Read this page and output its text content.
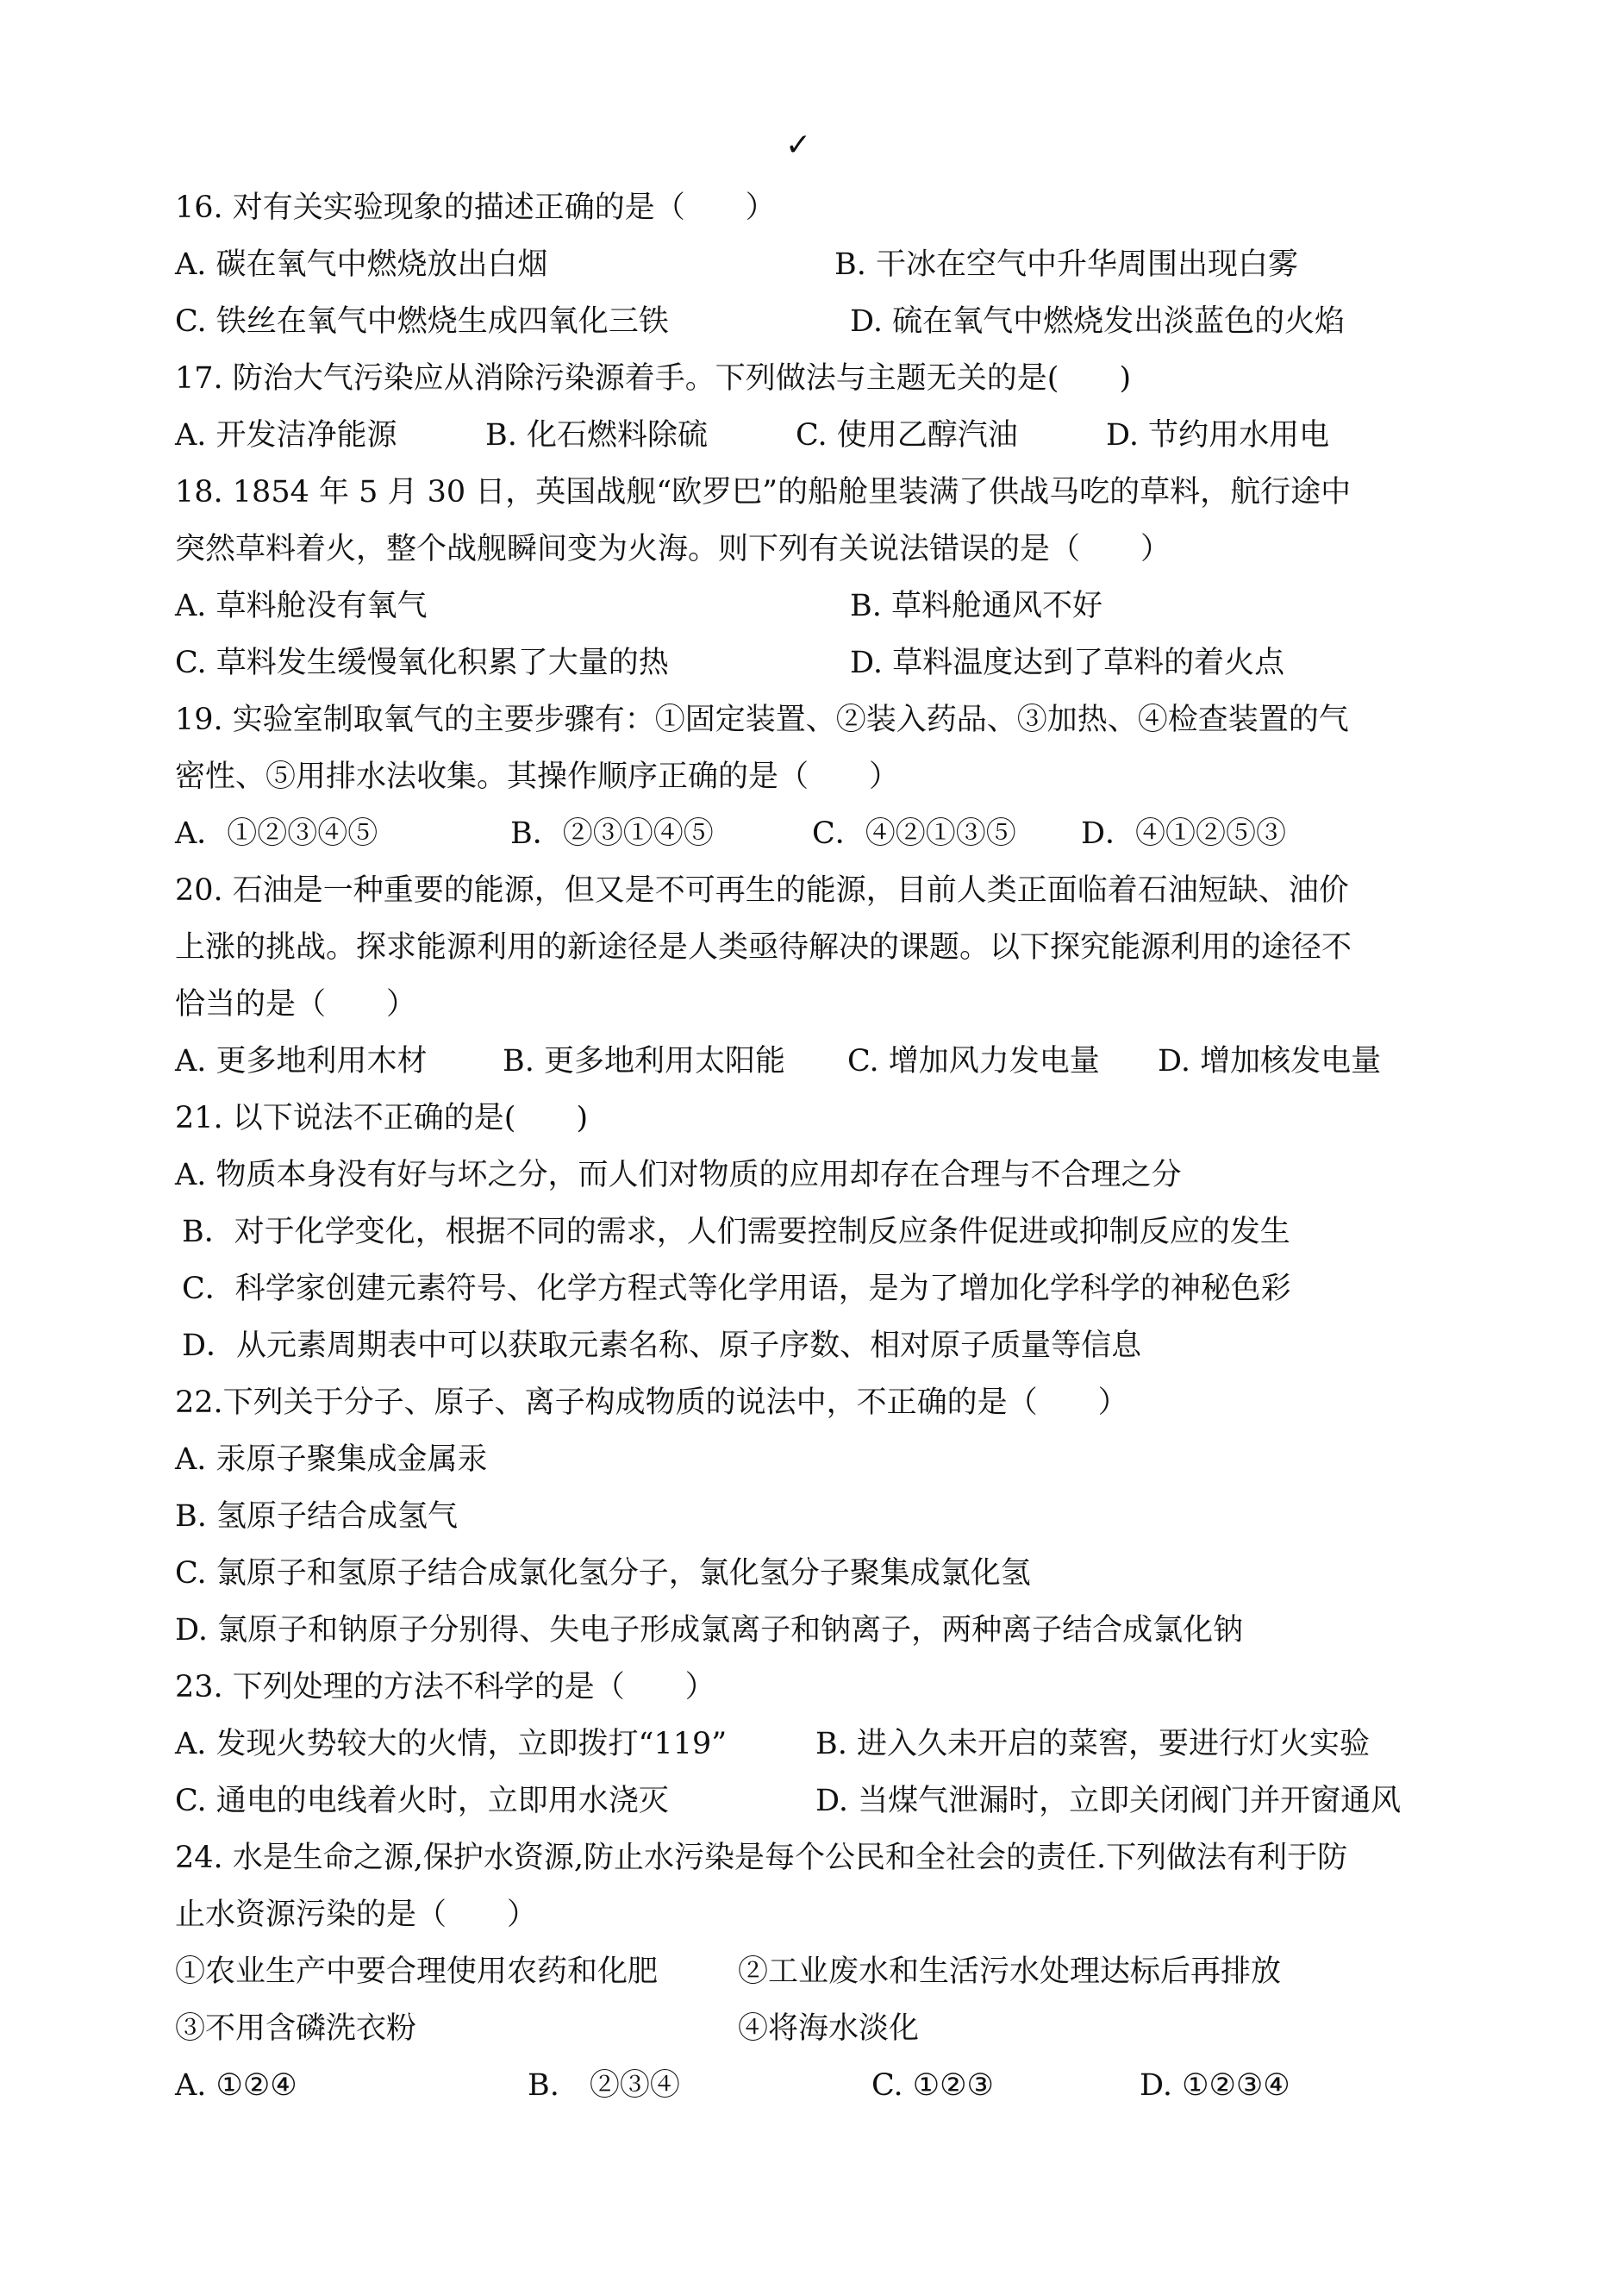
✓
16. 对有关实验现象的描述正确的是（　　）
A. 碳在氧气中燃烧放出白烟	B. 干冰在空气中升华周围出现白雾
C. 铁丝在氧气中燃烧生成四氧化三铁	D. 硫在氧气中燃烧发出淡蓝色的火焰
17. 防治大气污染应从消除污染源着手。下列做法与主题无关的是(　　)
A. 开发洁净能源	B. 化石燃料除硫	C. 使用乙醇汽油	D. 节约用水用电
18. 1854 年 5 月 30 日，英国战舰“欧罗巴”的船舱里装满了供战马吃的草料，航行途中
突然草料着火，整个战舰瞬间变为火海。则下列有关说法错误的是（　　）
A. 草料舱没有氧气	B. 草料舱通风不好
C. 草料发生缓慢氧化积累了大量的热	D. 草料温度达到了草料的着火点
19. 实验室制取氧气的主要步骤有：①固定装置、②装入药品、③加热、④检查装置的气
密性、⑤用排水法收集。其操作顺序正确的是（　　）
A．①②③④⑤	B．②③①④⑤	C．④②①③⑤ D．④①②⑤③
20. 石油是一种重要的能源，但又是不可再生的能源，目前人类正面临着石油短缺、油价
上涨的挑战。探求能源利用的新途径是人类亟待解决的课题。以下探究能源利用的途径不
恰当的是（　　）
A. 更多地利用木材 B. 更多地利用太阳能 C. 增加风力发电量 D. 增加核发电量
21. 以下说法不正确的是(　　)
A. 物质本身没有好与坏之分，而人们对物质的应用却存在合理与不合理之分
B．对于化学变化，根据不同的需求，人们需要控制反应条件促进或抑制反应的发生
C．科学家创建元素符号、化学方程式等化学用语，是为了增加化学科学的神秘色彩
D．从元素周期表中可以获取元素名称、原子序数、相对原子质量等信息
22.下列关于分子、原子、离子构成物质的说法中，不正确的是（　　）
A. 汞原子聚集成金属汞
B. 氢原子结合成氢气
C. 氯原子和氢原子结合成氯化氢分子，氯化氢分子聚集成氯化氢
D. 氯原子和钠原子分别得、失电子形成氯离子和钠离子，两种离子结合成氯化钠
23. 下列处理的方法不科学的是（　　）
A. 发现火势较大的火情，立即拨打“119”	B. 进入久未开启的菜窖，要进行灯火实验
C. 通电的电线着火时，立即用水浇灭	D. 当煤气泄漏时，立即关闭阀门并开窗通风
24. 水是生命之源,保护水资源,防止水污染是每个公民和全社会的责任.下列做法有利于防
止水资源污染的是（　　）
①农业生产中要合理使用农药和化肥	②工业废水和生活污水处理达标后再排放
③不用含磷洗衣粉	④将海水淡化
A. ①②④	B.　②③④	C. ①②③	D. ①②③④
